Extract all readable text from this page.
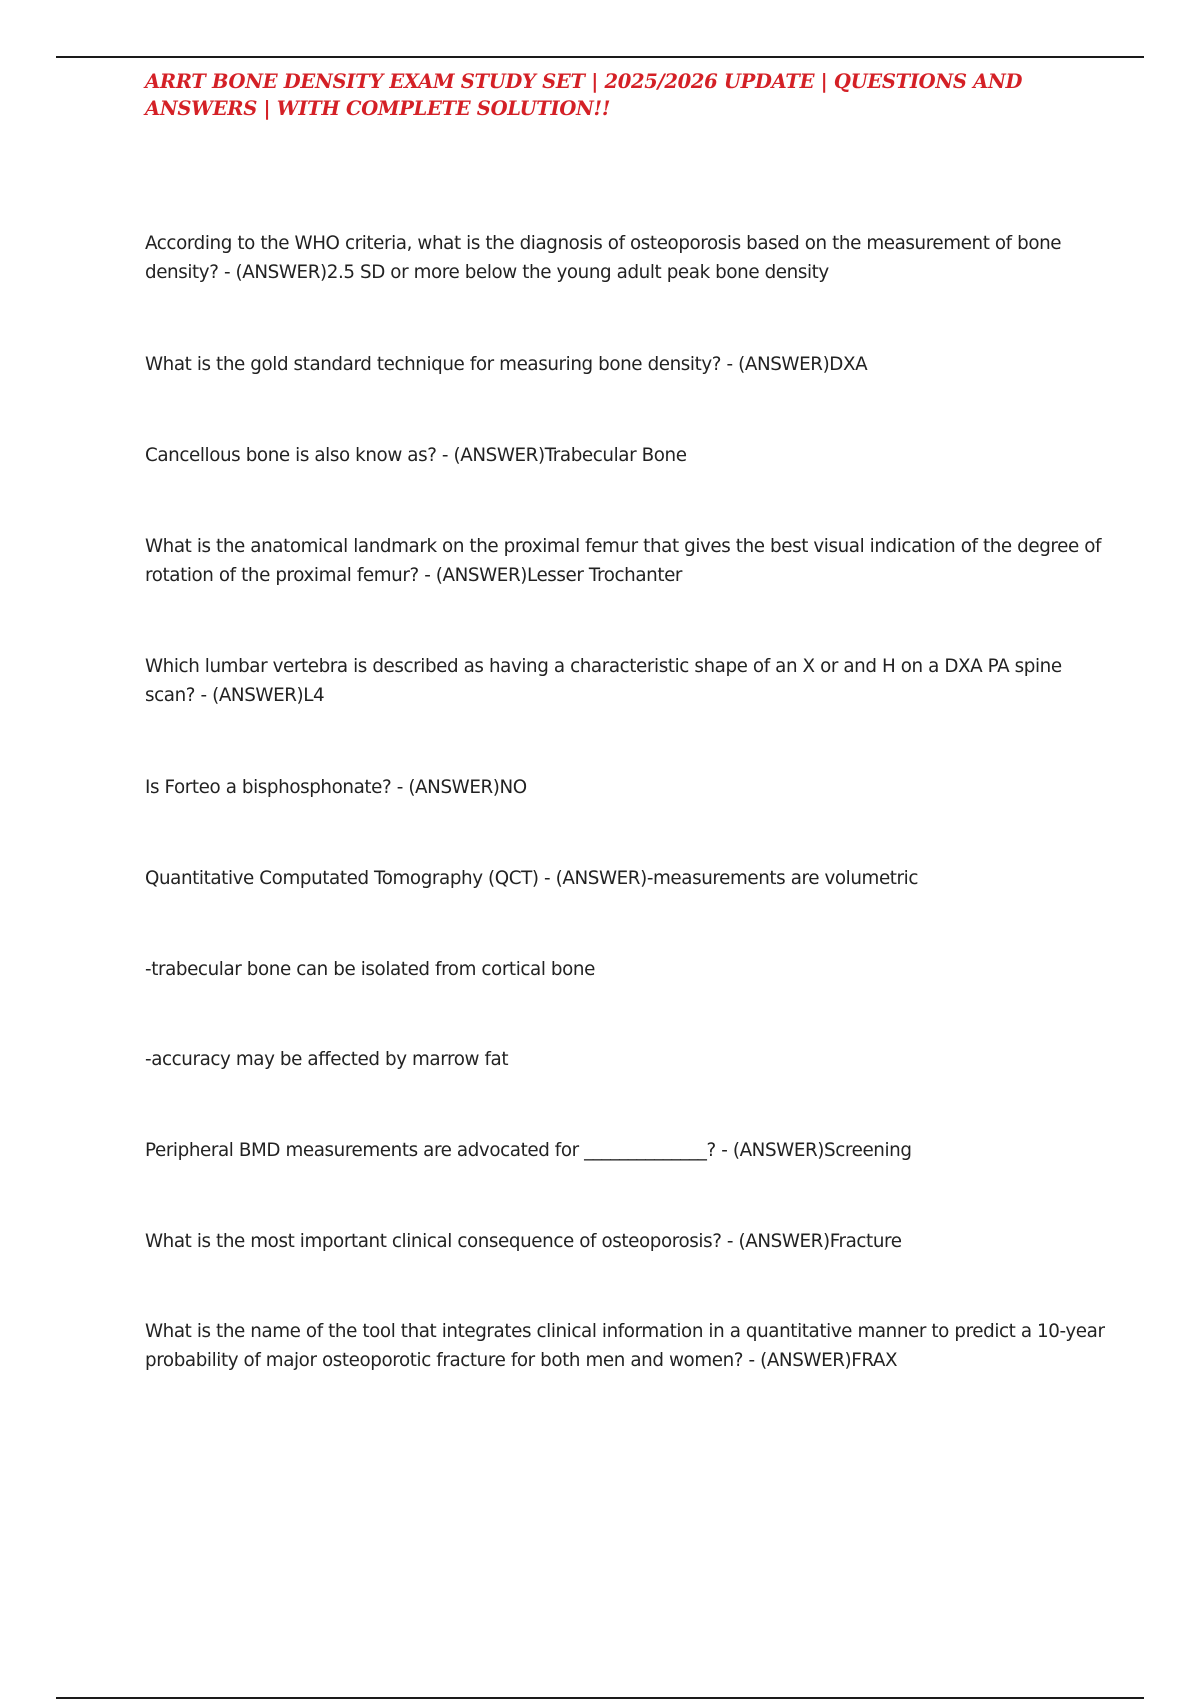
ARRT BONE DENSITY EXAM STUDY SET | 2025/2026 UPDATE | QUESTIONS AND ANSWERS | WITH COMPLETE SOLUTION!!

According to the WHO criteria, what is the diagnosis of osteoporosis based on the measurement of bone density? - (ANSWER)2.5 SD or more below the young adult peak bone density

What is the gold standard technique for measuring bone density? - (ANSWER)DXA

Cancellous bone is also know as? - (ANSWER)Trabecular Bone

What is the anatomical landmark on the proximal femur that gives the best visual indication of the degree of rotation of the proximal femur? - (ANSWER)Lesser Trochanter

Which lumbar vertebra is described as having a characteristic shape of an X or and H on a DXA PA spine scan? - (ANSWER)L4

Is Forteo a bisphosphonate? - (ANSWER)NO

Quantitative Computated Tomography (QCT) - (ANSWER)-measurements are volumetric

-trabecular bone can be isolated from cortical bone

-accuracy may be affected by marrow fat

Peripheral BMD measurements are advocated for ______________? - (ANSWER)Screening

What is the most important clinical consequence of osteoporosis? - (ANSWER)Fracture

What is the name of the tool that integrates clinical information in a quantitative manner to predict a 10-year probability of major osteoporotic fracture for both men and women? - (ANSWER)FRAX
